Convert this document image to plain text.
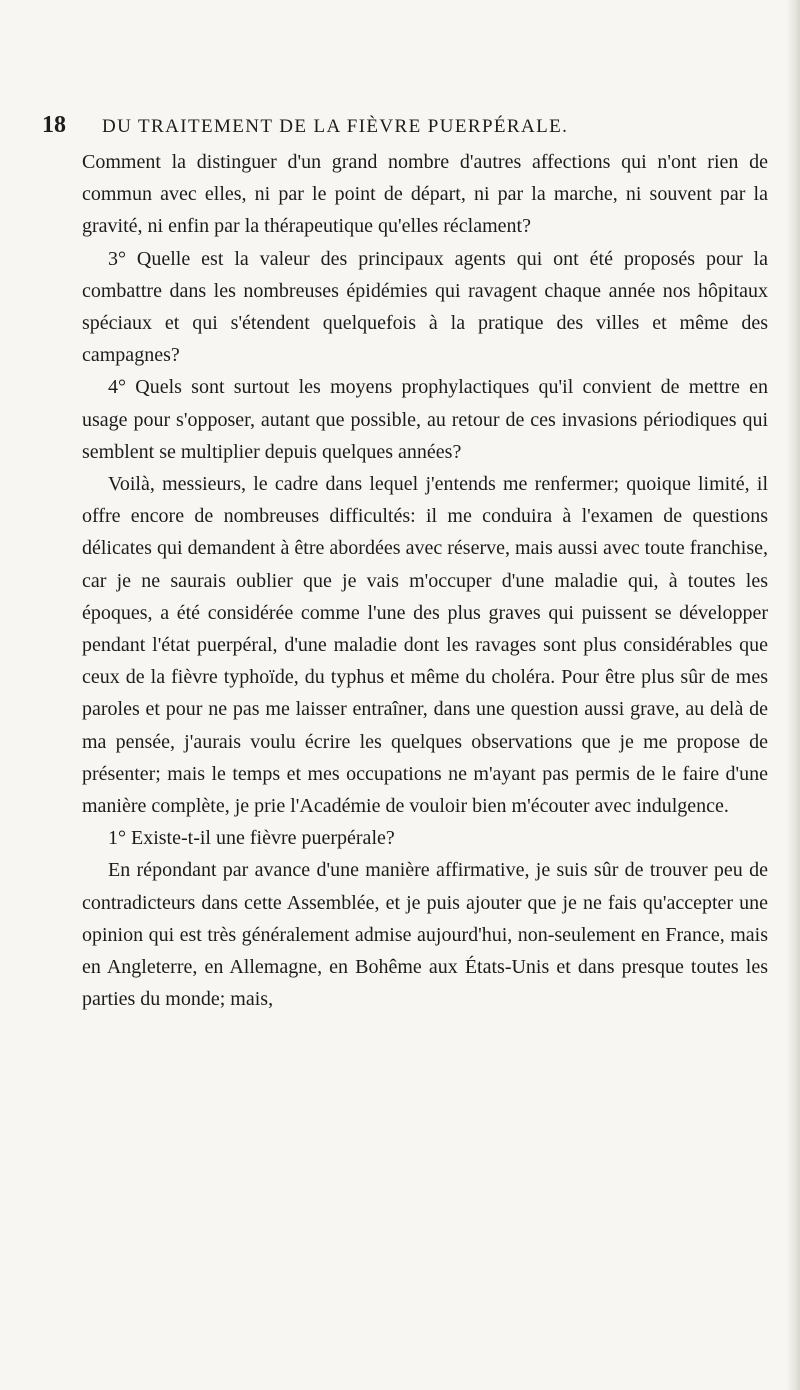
18 DU TRAITEMENT DE LA FIÈVRE PUERPÉRALE.

Comment la distinguer d'un grand nombre d'autres affections qui n'ont rien de commun avec elles, ni par le point de départ, ni par la marche, ni souvent par la gravité, ni enfin par la thérapeutique qu'elles réclament?

3° Quelle est la valeur des principaux agents qui ont été proposés pour la combattre dans les nombreuses épidémies qui ravagent chaque année nos hôpitaux spéciaux et qui s'étendent quelquefois à la pratique des villes et même des campagnes?

4° Quels sont surtout les moyens prophylactiques qu'il convient de mettre en usage pour s'opposer, autant que possible, au retour de ces invasions périodiques qui semblent se multiplier depuis quelques années?

Voilà, messieurs, le cadre dans lequel j'entends me renfermer; quoique limité, il offre encore de nombreuses difficultés: il me conduira à l'examen de questions délicates qui demandent à être abordées avec réserve, mais aussi avec toute franchise, car je ne saurais oublier que je vais m'occuper d'une maladie qui, à toutes les époques, a été considérée comme l'une des plus graves qui puissent se développer pendant l'état puerpéral, d'une maladie dont les ravages sont plus considérables que ceux de la fièvre typhoïde, du typhus et même du choléra. Pour être plus sûr de mes paroles et pour ne pas me laisser entraîner, dans une question aussi grave, au delà de ma pensée, j'aurais voulu écrire les quelques observations que je me propose de présenter; mais le temps et mes occupations ne m'ayant pas permis de le faire d'une manière complète, je prie l'Académie de vouloir bien m'écouter avec indulgence.

1° Existe-t-il une fièvre puerpérale?

En répondant par avance d'une manière affirmative, je suis sûr de trouver peu de contradicteurs dans cette Assemblée, et je puis ajouter que je ne fais qu'accepter une opinion qui est très généralement admise aujourd'hui, non-seulement en France, mais en Angleterre, en Allemagne, en Bohême aux États-Unis et dans presque toutes les parties du monde; mais,
